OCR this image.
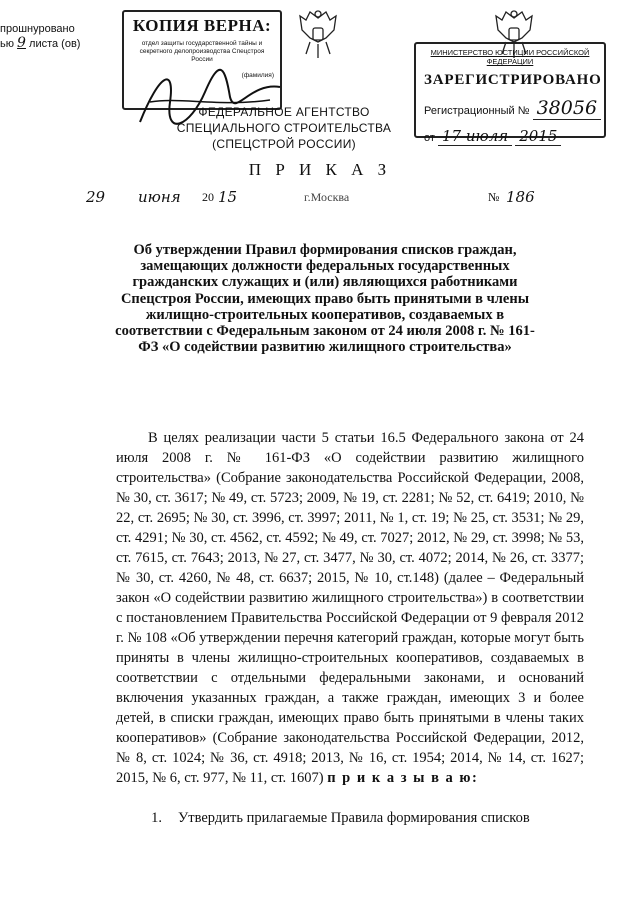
прошнуровано
ью 9 листа (ов)
КОПИЯ ВЕРНА:
отдел защиты государственной тайны и секретного делопроизводства Спецстроя России
(фамилия)
ФЕДЕРАЛЬНОЕ АГЕНТСТВО СПЕЦИАЛЬНОГО СТРОИТЕЛЬСТВА
(СПЕЦСТРОЙ РОССИИ)
МИНИСТЕРСТВО ЮСТИЦИИ РОССИЙСКОЙ ФЕДЕРАЦИИ
ЗАРЕГИСТРИРОВАНО
Регистрационный № 38056
от 17 июля 2015
П Р И К А З
29 июня 20 15	г.Москва	№ 186
Об утверждении Правил формирования списков граждан, замещающих должности федеральных государственных гражданских служащих и (или) являющихся работниками Спецстроя России, имеющих право быть принятыми в члены жилищно-строительных кооперативов, создаваемых в соответствии с Федеральным законом от 24 июля 2008 г. № 161-ФЗ «О содействии развитию жилищного строительства»

В целях реализации части 5 статьи 16.5 Федерального закона от 24 июля 2008 г. № 161-ФЗ «О содействии развитию жилищного строительства» (Собрание законодательства Российской Федерации, 2008, № 30, ст. 3617; № 49, ст. 5723; 2009, № 19, ст. 2281; № 52, ст. 6419; 2010, № 22, ст. 2695; № 30, ст. 3996, ст. 3997; 2011, № 1, ст. 19; № 25, ст. 3531; № 29, ст. 4291; № 30, ст. 4562, ст. 4592; № 49, ст. 7027; 2012, № 29, ст. 3998; № 53, ст. 7615, ст. 7643; 2013, № 27, ст. 3477, № 30, ст. 4072; 2014, № 26, ст. 3377; № 30, ст. 4260, № 48, ст. 6637; 2015, № 10, ст.148) (далее – Федеральный закон «О содействии развитию жилищного строительства») в соответствии с постановлением Правительства Российской Федерации от 9 февраля 2012 г. № 108 «Об утверждении перечня категорий граждан, которые могут быть приняты в члены жилищно-строительных кооперативов, создаваемых в соответствии с отдельными федеральными законами, и оснований включения указанных граждан, а также граждан, имеющих 3 и более детей, в списки граждан, имеющих право быть принятыми в члены таких кооперативов» (Собрание законодательства Российской Федерации, 2012, № 8, ст. 1024; № 36, ст. 4918; 2013, № 16, ст. 1954; 2014, № 14, ст. 1627; 2015, № 6, ст. 977, № 11, ст. 1607) п р и к а з ы в а ю:

1. Утвердить прилагаемые Правила формирования списков
